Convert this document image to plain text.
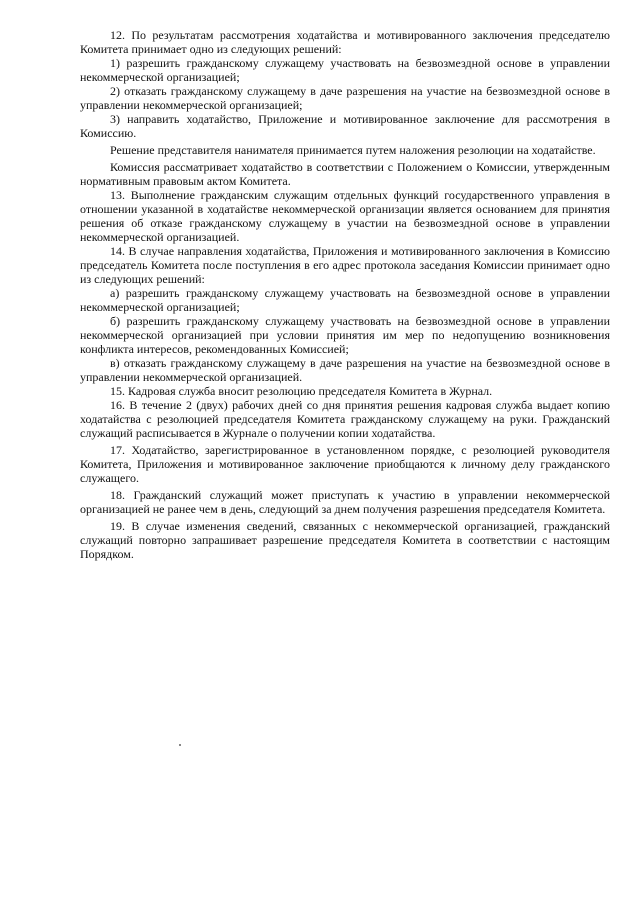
12. По результатам рассмотрения ходатайства и мотивированного заключения председателю Комитета принимает одно из следующих решений:

1) разрешить гражданскому служащему участвовать на безвозмездной основе в управлении некоммерческой организацией;

2) отказать гражданскому служащему в даче разрешения на участие на безвозмездной основе в управлении некоммерческой организацией;

3) направить ходатайство, Приложение и мотивированное заключение для рассмотрения в Комиссию.

Решение представителя нанимателя принимается путем наложения резолюции на ходатайстве.

Комиссия рассматривает ходатайство в соответствии с Положением о Комиссии, утвержденным нормативным правовым актом Комитета.

13. Выполнение гражданским служащим отдельных функций государственного управления в отношении указанной в ходатайстве некоммерческой организации является основанием для принятия решения об отказе гражданскому служащему в участии на безвозмездной основе в управлении некоммерческой организацией.

14. В случае направления ходатайства, Приложения и мотивированного заключения в Комиссию председатель Комитета после поступления в его адрес протокола заседания Комиссии принимает одно из следующих решений:

а) разрешить гражданскому служащему участвовать на безвозмездной основе в управлении некоммерческой организацией;

б) разрешить гражданскому служащему участвовать на безвозмездной основе в управлении некоммерческой организацией при условии принятия им мер по недопущению возникновения конфликта интересов, рекомендованных Комиссией;

в) отказать гражданскому служащему в даче разрешения на участие на безвозмездной основе в управлении некоммерческой организацией.

15. Кадровая служба вносит резолюцию председателя Комитета в Журнал.

16. В течение 2 (двух) рабочих дней со дня принятия решения кадровая служба выдает копию ходатайства с резолюцией председателя Комитета гражданскому служащему на руки. Гражданский служащий расписывается в Журнале о получении копии ходатайства.

17. Ходатайство, зарегистрированное в установленном порядке, с резолюцией руководителя Комитета, Приложения и мотивированное заключение приобщаются к личному делу гражданского служащего.

18. Гражданский служащий может приступать к участию в управлении некоммерческой организацией не ранее чем в день, следующий за днем получения разрешения председателя Комитета.

19. В случае изменения сведений, связанных с некоммерческой организацией, гражданский служащий повторно запрашивает разрешение председателя Комитета в соответствии с настоящим Порядком.
